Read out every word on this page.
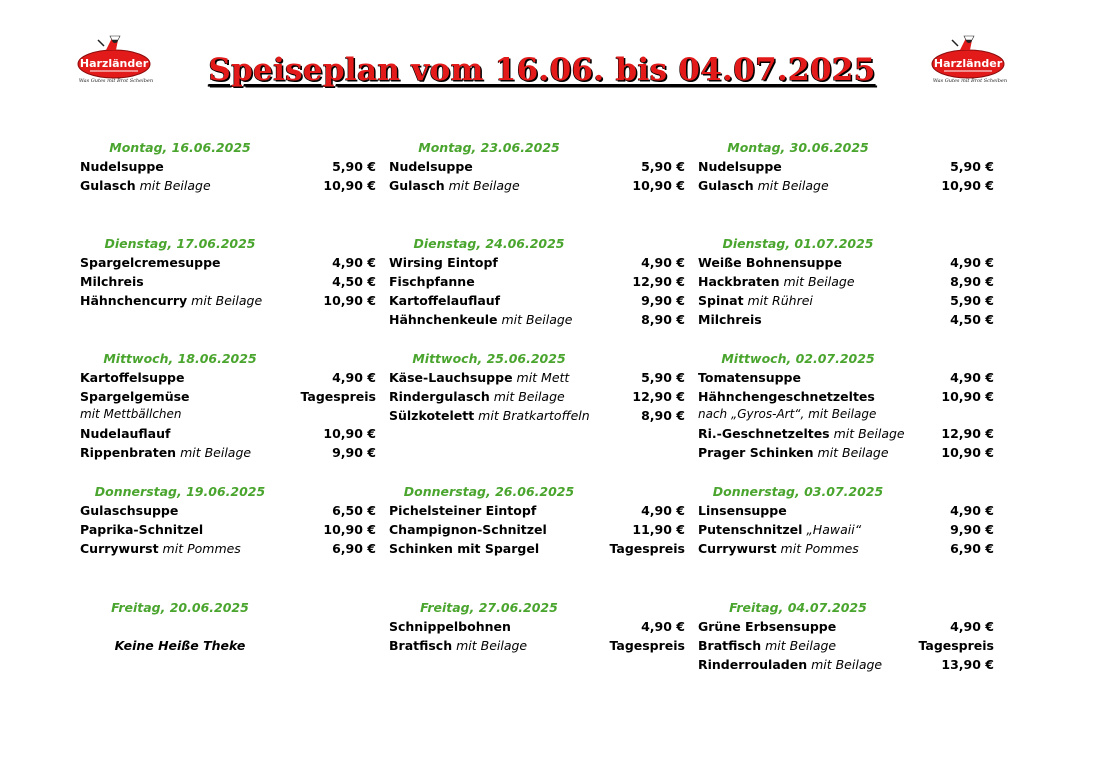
Harzländer
Was Gutes mit Brot Scheiben
Harzländer
Was Gutes mit Brot Scheiben
Speiseplan vom 16.06. bis 04.07.2025
Montag, 16.06.2025
Nudelsuppe	5,90 €
Gulasch mit Beilage	10,90 €
Dienstag, 17.06.2025
Spargelcremesuppe	4,90 €
Milchreis	4,50 €
Hähnchencurry mit Beilage	10,90 €
Mittwoch, 18.06.2025
Kartoffelsuppe	4,90 €
Spargelgemüse	Tagespreis
mit Mettbällchen
Nudelauflauf	10,90 €
Rippenbraten mit Beilage	9,90 €
Donnerstag, 19.06.2025
Gulaschsuppe	6,50 €
Paprika-Schnitzel	10,90 €
Currywurst mit Pommes	6,90 €
Freitag, 20.06.2025
Keine Heiße Theke
Montag, 23.06.2025
Nudelsuppe	5,90 €
Gulasch mit Beilage	10,90 €
Dienstag, 24.06.2025
Wirsing Eintopf	4,90 €
Fischpfanne	12,90 €
Kartoffelauflauf	9,90 €
Hähnchenkeule mit Beilage	8,90 €
Mittwoch, 25.06.2025
Käse-Lauchsuppe mit Mett	5,90 €
Rindergulasch mit Beilage	12,90 €
Sülzkotelett mit Bratkartoffeln	8,90 €
Donnerstag, 26.06.2025
Pichelsteiner Eintopf	4,90 €
Champignon-Schnitzel	11,90 €
Schinken mit Spargel	Tagespreis
Freitag, 27.06.2025
Schnippelbohnen	4,90 €
Bratfisch mit Beilage	Tagespreis
Montag, 30.06.2025
Nudelsuppe	5,90 €
Gulasch mit Beilage	10,90 €
Dienstag, 01.07.2025
Weiße Bohnensuppe	4,90 €
Hackbraten mit Beilage	8,90 €
Spinat mit Rührei	5,90 €
Milchreis	4,50 €
Mittwoch, 02.07.2025
Tomatensuppe	4,90 €
Hähnchengeschnetzeltes	10,90 €
nach „Gyros-Art“, mit Beilage
Ri.-Geschnetzeltes mit Beilage	12,90 €
Prager Schinken mit Beilage	10,90 €
Donnerstag, 03.07.2025
Linsensuppe	4,90 €
Putenschnitzel „Hawaii“	9,90 €
Currywurst mit Pommes	6,90 €
Freitag, 04.07.2025
Grüne Erbsensuppe	4,90 €
Bratfisch mit Beilage	Tagespreis
Rinderrouladen mit Beilage	13,90 €
